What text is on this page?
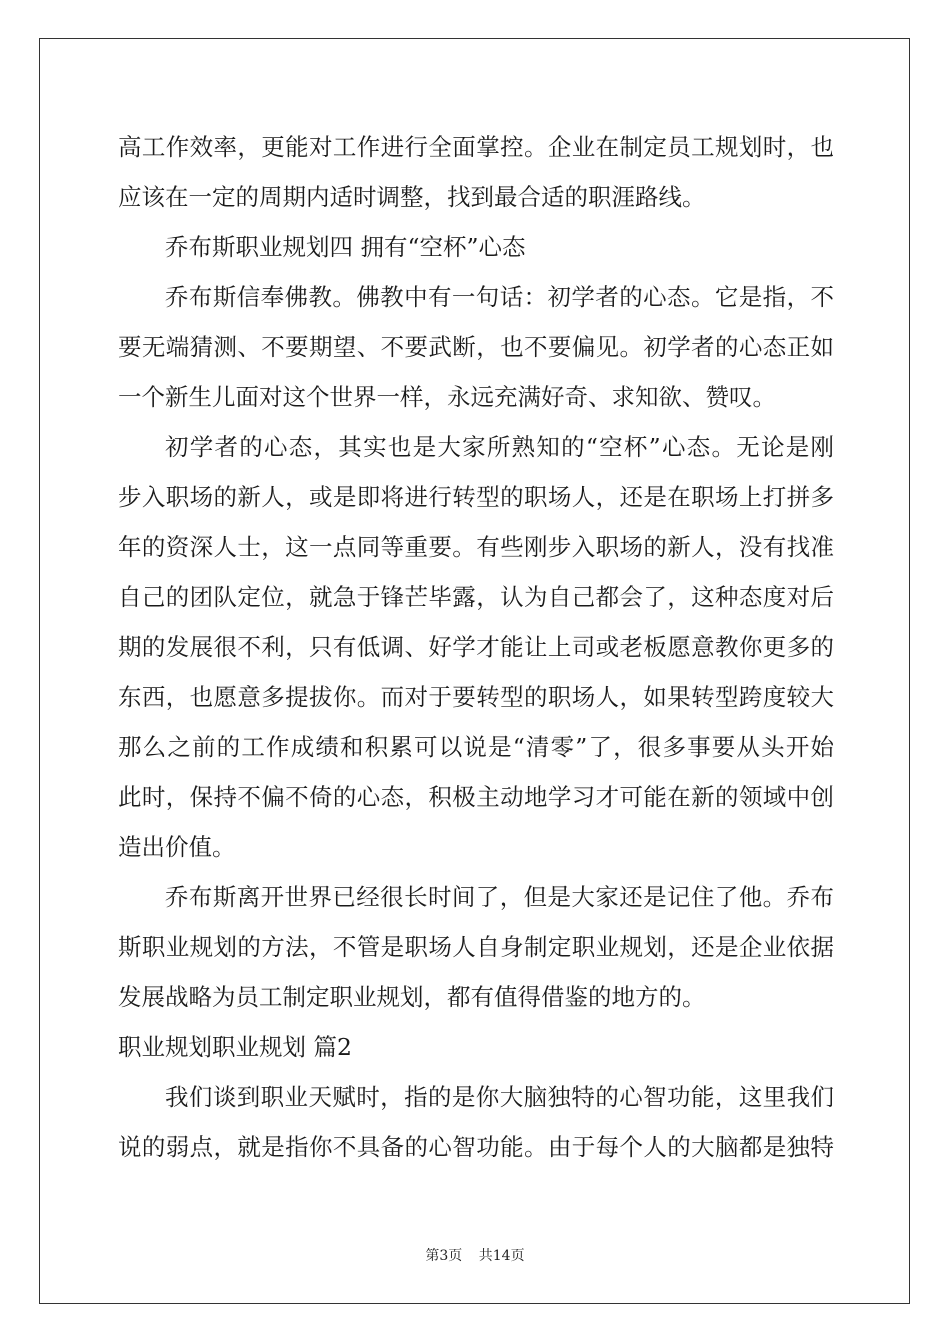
高工作效率，更能对工作进行全面掌控。企业在制定员工规划时，也
应该在一定的周期内适时调整，找到最合适的职涯路线。
乔布斯职业规划四 拥有“空杯”心态
乔布斯信奉佛教。佛教中有一句话：初学者的心态。它是指，不
要无端猜测、不要期望、不要武断，也不要偏见。初学者的心态正如
一个新生儿面对这个世界一样，永远充满好奇、求知欲、赞叹。
初学者的心态，其实也是大家所熟知的“空杯”心态。无论是刚
步入职场的新人，或是即将进行转型的职场人，还是在职场上打拼多
年的资深人士，这一点同等重要。有些刚步入职场的新人，没有找准
自己的团队定位，就急于锋芒毕露，认为自己都会了，这种态度对后
期的发展很不利，只有低调、好学才能让上司或老板愿意教你更多的
东西，也愿意多提拔你。而对于要转型的职场人，如果转型跨度较大
那么之前的工作成绩和积累可以说是“清零”了，很多事要从头开始
此时，保持不偏不倚的心态，积极主动地学习才可能在新的领域中创
造出价值。
乔布斯离开世界已经很长时间了，但是大家还是记住了他。乔布
斯职业规划的方法，不管是职场人自身制定职业规划，还是企业依据
发展战略为员工制定职业规划，都有值得借鉴的地方的。
职业规划职业规划 篇2
我们谈到职业天赋时，指的是你大脑独特的心智功能，这里我们
说的弱点，就是指你不具备的心智功能。由于每个人的大脑都是独特
第3页 共14页
